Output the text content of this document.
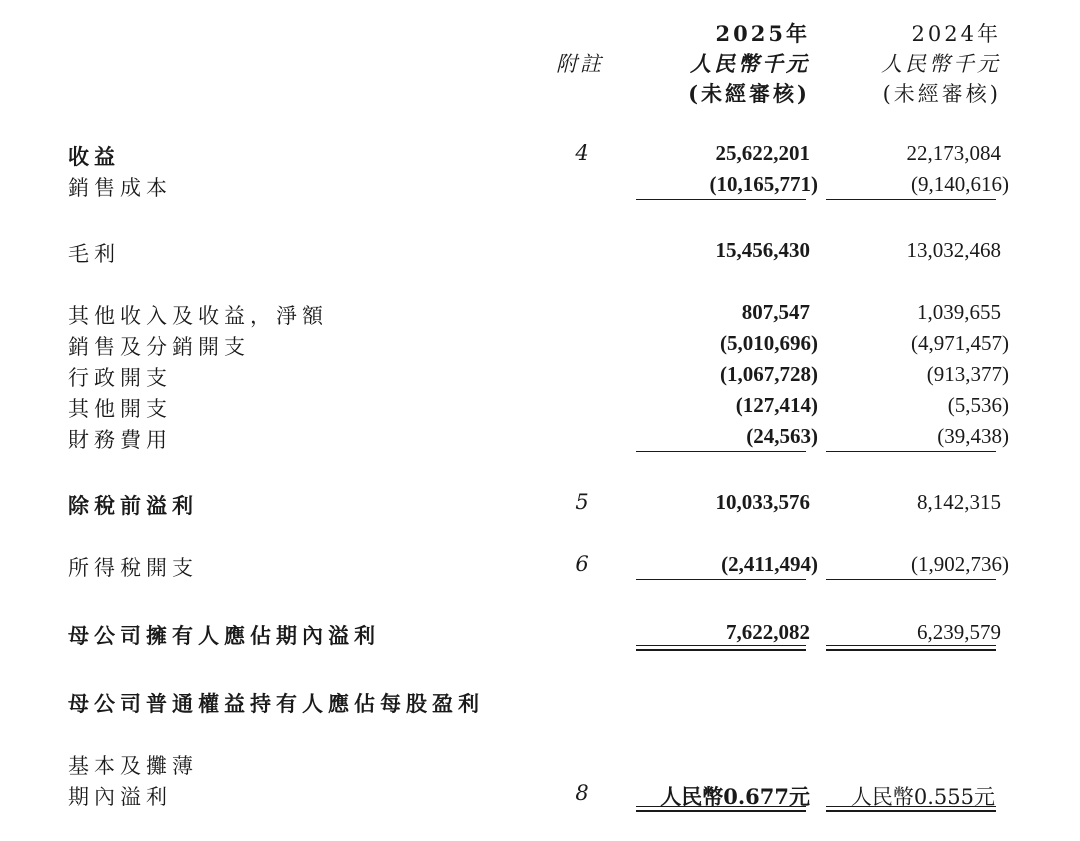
2025年	2024年
附註	人民幣千元	人民幣千元
(未經審核)	(未經審核)
收益	4	25,622,201	22,173,084
銷售成本	(10,165,771)	(9,140,616)
毛利	15,456,430	13,032,468
其他收入及收益，淨額	807,547	1,039,655
銷售及分銷開支	(5,010,696)	(4,971,457)
行政開支	(1,067,728)	(913,377)
其他開支	(127,414)	(5,536)
財務費用	(24,563)	(39,438)
除稅前溢利	5	10,033,576	8,142,315
所得稅開支	6	(2,411,494)	(1,902,736)
母公司擁有人應佔期內溢利	7,622,082	6,239,579
母公司普通權益持有人應佔每股盈利
基本及攤薄
期內溢利	8	人民幣0.677元 人民幣0.555元
